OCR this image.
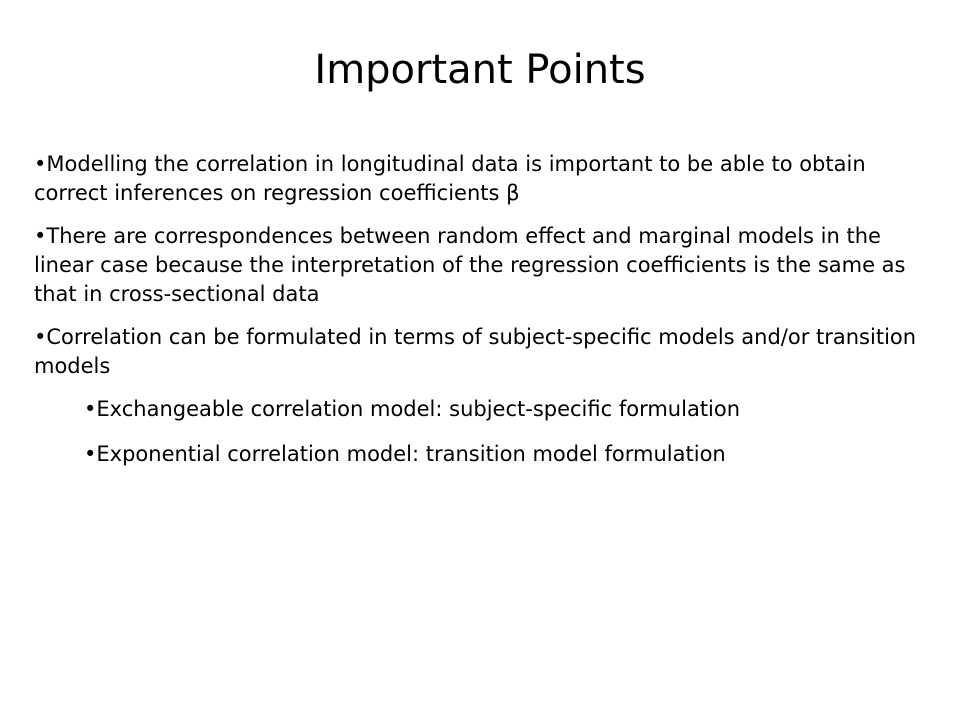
Important Points
•Modelling the correlation in longitudinal data is important to be able to obtain correct inferences on regression coefficients β
•There are correspondences between random effect and marginal models in the linear case because the interpretation of the regression coefficients is the same as that in cross-sectional data
•Correlation can be formulated in terms of subject-specific models and/or transition models
•Exchangeable correlation model: subject-specific formulation
•Exponential correlation model: transition model formulation
